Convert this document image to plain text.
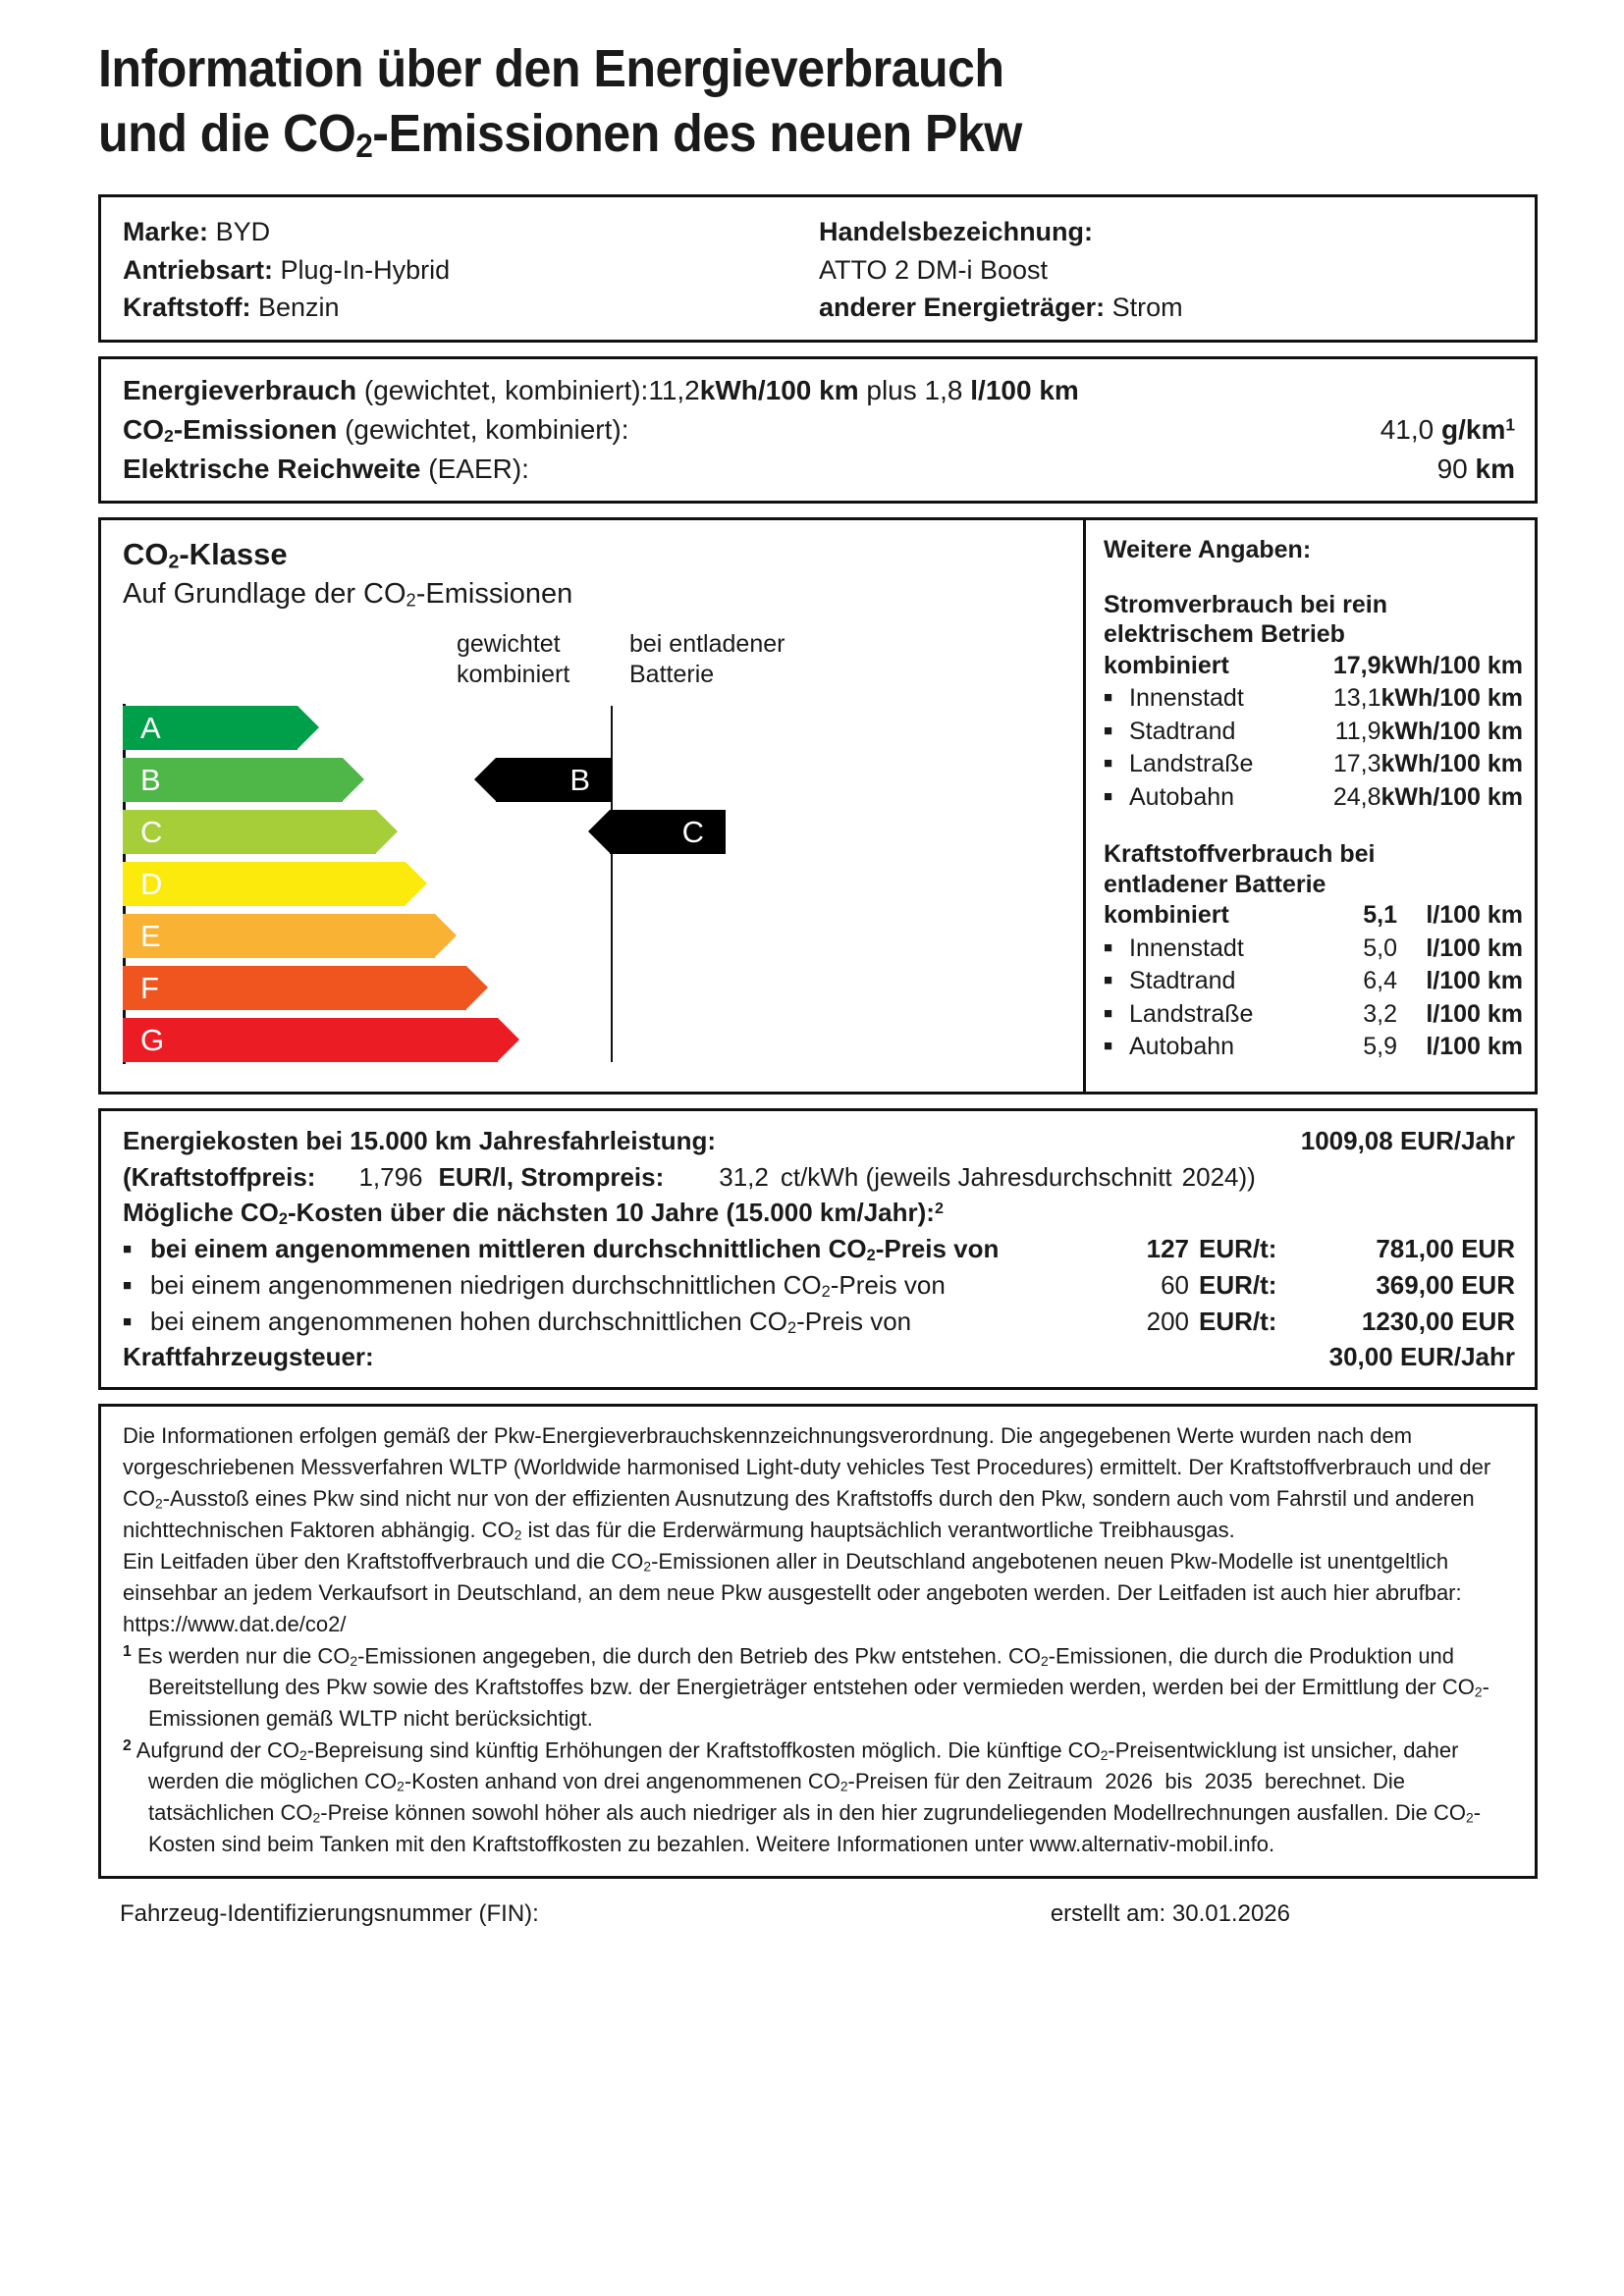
Information über den Energieverbrauch
und die $CO_2$-Emissionen des neuen Pkw
Marke: BYD	Handelsbezeichnung:
Antriebsart: Plug-In-Hybrid	ATTO 2 DM-i Boost
Kraftstoff: Benzin	anderer Energieträger: Strom
Energieverbrauch (gewichtet, kombiniert): 11,2kWh/100 km plus 1,8 l/100 km
$CO_2$-Emissionen (gewichtet, kombiniert):	41,0 g/km$^1$
Elektrische Reichweite (EAER):	90 km
$CO_2$-Klasse
Auf Grundlage der $CO_2$-Emissionen
gewichtet
kombiniert
bei entladener
Batterie
A
B
C
D
E
F
G
B
C
Weitere Angaben:
Stromverbrauch bei rein
elektrischem Betrieb
kombiniert	17,9 kWh/100 km
■ Innenstadt	13,1 kWh/100 km
■ Stadtrand	11,9 kWh/100 km
■ Landstraße	17,3 kWh/100 km
■ Autobahn	24,8 kWh/100 km
Kraftstoffverbrauch bei
entladener Batterie
kombiniert	5,1	l/100 km
■ Innenstadt	5,0	l/100 km
■ Stadtrand	6,4	l/100 km
■ Landstraße	3,2	l/100 km
■ Autobahn	5,9	l/100 km
Energiekosten bei 15.000 km Jahresfahrleistung:	1009,08 EUR/Jahr
(Kraftstoffpreis: 1,796 EUR/l, Strompreis: 31,2 ct/kWh (jeweils Jahresdurchschnitt 2024 ))
Mögliche $CO_2$-Kosten über die nächsten 10 Jahre (15.000 km/Jahr):$^2$
■ bei einem angenommenen mittleren durchschnittlichen $CO_2$-Preis von	127 EUR/t:	781,00 EUR
■ bei einem angenommenen niedrigen durchschnittlichen $CO_2$-Preis von	60 EUR/t:	369,00 EUR
■ bei einem angenommenen hohen durchschnittlichen $CO_2$-Preis von	200 EUR/t:	1230,00 EUR
Kraftfahrzeugsteuer:	30,00 EUR/Jahr

Die Informationen erfolgen gemäß der Pkw-Energieverbrauchskennzeichnungsverordnung. Die angegebenen Werte wurden nach dem vorgeschriebenen Messverfahren WLTP (Worldwide harmonised Light-duty vehicles Test Procedures) ermittelt. Der Kraftstoffverbrauch und der $CO_2$-Ausstoß eines Pkw sind nicht nur von der effizienten Ausnutzung des Kraftstoffs durch den Pkw, sondern auch vom Fahrstil und anderen nichttechnischen Faktoren abhängig. $CO_2$ ist das für die Erderwärmung hauptsächlich verantwortliche Treibhausgas.

Ein Leitfaden über den Kraftstoffverbrauch und die $CO_2$-Emissionen aller in Deutschland angebotenen neuen Pkw-Modelle ist unentgeltlich einsehbar an jedem Verkaufsort in Deutschland, an dem neue Pkw ausgestellt oder angeboten werden. Der Leitfaden ist auch hier abrufbar: https://www.dat.de/co2/

$^1$ Es werden nur die $CO_2$-Emissionen angegeben, die durch den Betrieb des Pkw entstehen. $CO_2$-Emissionen, die durch die Produktion und Bereitstellung des Pkw sowie des Kraftstoffes bzw. der Energieträger entstehen oder vermieden werden, werden bei der Ermittlung der $CO_2$-Emissionen gemäß WLTP nicht berücksichtigt.

$^2$ Aufgrund der $CO_2$-Bepreisung sind künftig Erhöhungen der Kraftstoffkosten möglich. Die künftige $CO_2$-Preisentwicklung ist unsicher, daher werden die möglichen $CO_2$-Kosten anhand von drei angenommenen $CO_2$-Preisen für den Zeitraum 2026 bis 2035 berechnet. Die tatsächlichen $CO_2$-Preise können sowohl höher als auch niedriger als in den hier zugrundeliegenden Modellrechnungen ausfallen. Die $CO_2$-Kosten sind beim Tanken mit den Kraftstoffkosten zu bezahlen. Weitere Informationen unter www.alternativ-mobil.info.

Fahrzeug-Identifizierungsnummer (FIN):	erstellt am: 30.01.2026
